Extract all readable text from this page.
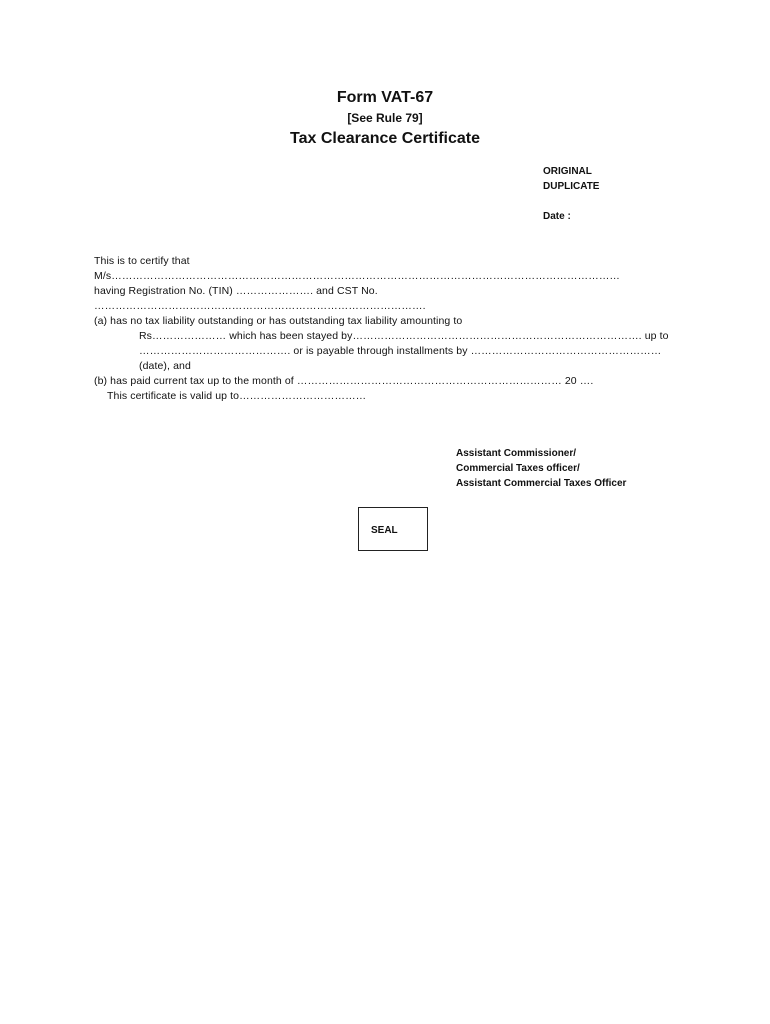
Form VAT-67
[See Rule 79]
Tax Clearance Certificate
ORIGINAL
DUPLICATE
Date :
This is to certify that
M/s………………………………………………………………………………………………………………………………
having Registration No. (TIN) …………………. and CST No.
………………………………………………………………………………….
(a) has no tax liability outstanding or has outstanding tax liability amounting to
Rs………………… which has been stayed by………………………………………………………………………. up to
……………………………………. or is payable through installments by ………………………………………………
(date), and
(b) has paid current tax up to the month of ………………………………………………………………… 20 ….
This certificate is valid up to………………………………
Assistant Commissioner/
Commercial Taxes officer/
Assistant Commercial Taxes Officer
SEAL
